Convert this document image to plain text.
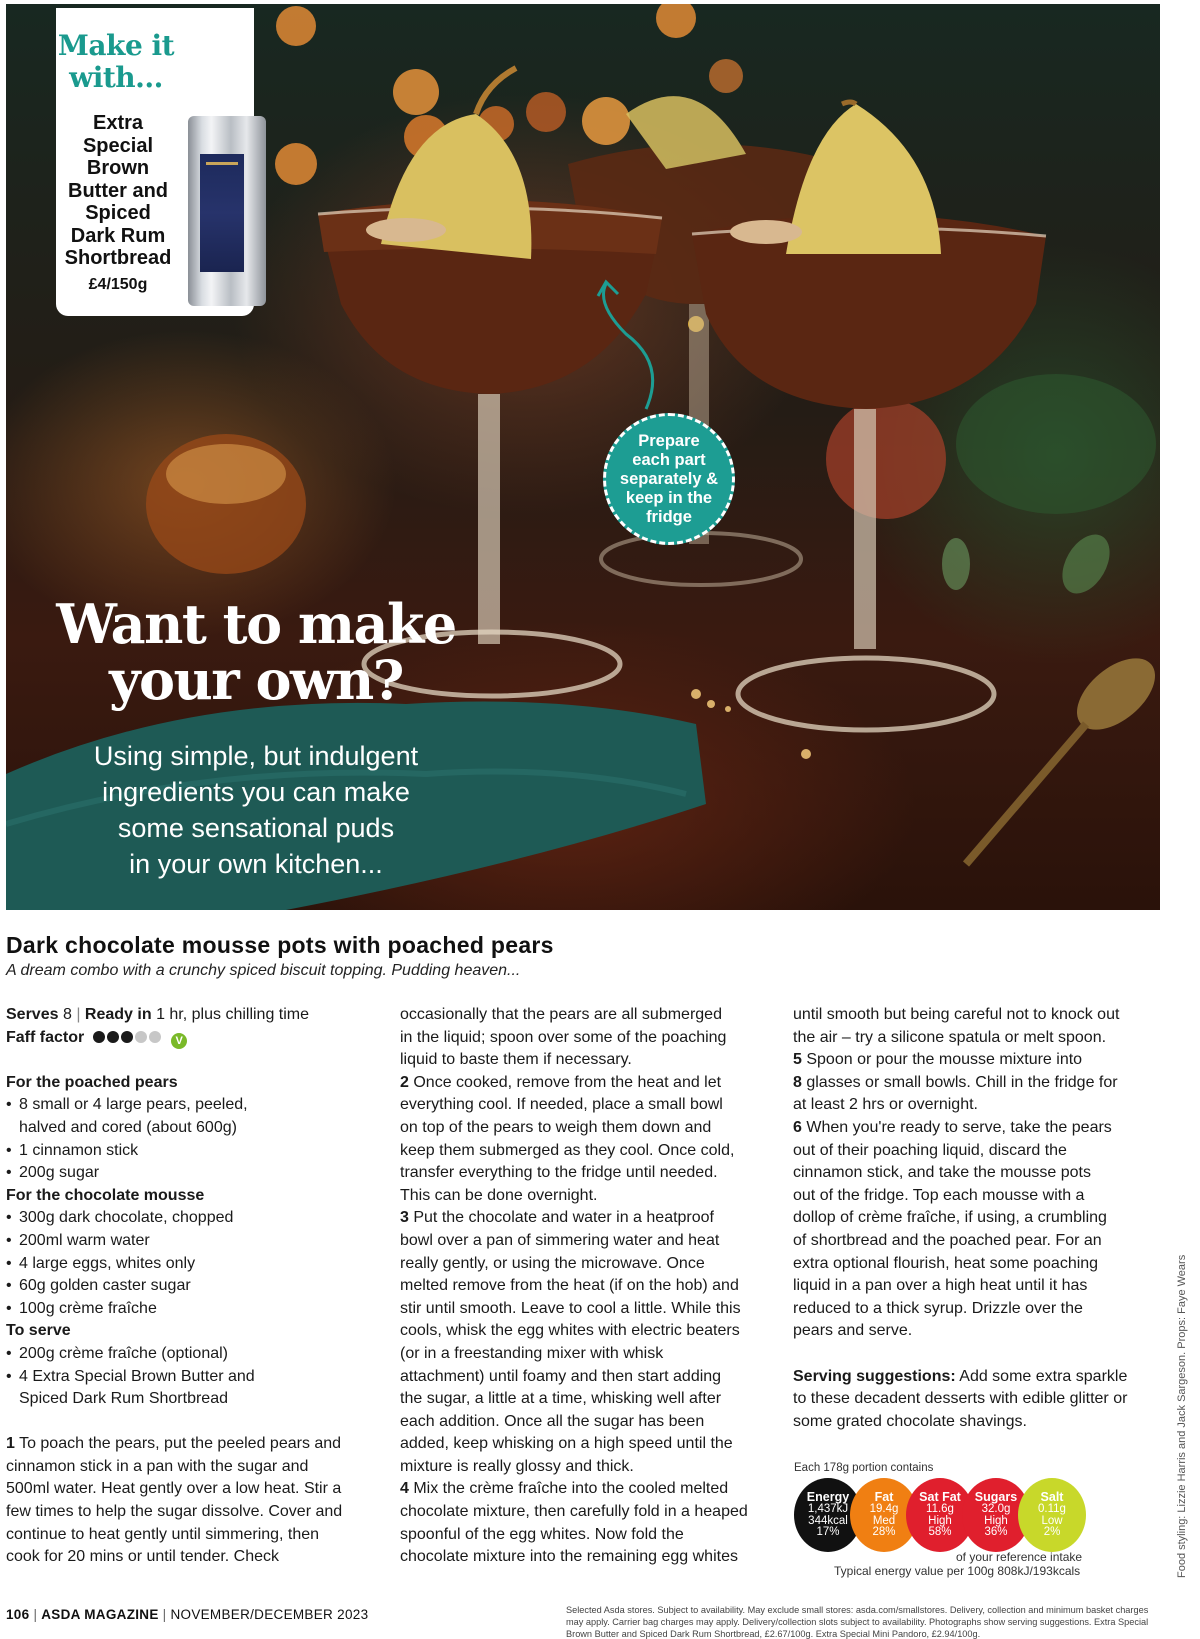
Make it
with...
Extra
Special
Brown
Butter and
Spiced
Dark Rum
Shortbread
£4/150g
Prepare
each part
separately &
keep in the
fridge
Want to make
your own?
Using simple, but indulgent
ingredients you can make
some sensational puds
in your own kitchen...
Dark chocolate mousse pots with poached pears
A dream combo with a crunchy spiced biscuit topping. Pudding heaven...

Serves 8 | Ready in 1 hr, plus chilling time

Faff factor	V

For the poached pears

• 8 small or 4 large pears, peeled,
halved and cored (about 600g)
• 1 cinnamon stick
• 200g sugar

For the chocolate mousse

• 300g dark chocolate, chopped
• 200ml warm water
• 4 large eggs, whites only
• 60g golden caster sugar
• 100g crème fraîche

To serve

• 200g crème fraîche (optional)
• 4 Extra Special Brown Butter and
Spiced Dark Rum Shortbread

1 To poach the pears, put the peeled pears and

cinnamon stick in a pan with the sugar and

500ml water. Heat gently over a low heat. Stir a

few times to help the sugar dissolve. Cover and

continue to heat gently until simmering, then

cook for 20 mins or until tender. Check

occasionally that the pears are all submerged

in the liquid; spoon over some of the poaching

liquid to baste them if necessary.

2 Once cooked, remove from the heat and let

everything cool. If needed, place a small bowl

on top of the pears to weigh them down and

keep them submerged as they cool. Once cold,

transfer everything to the fridge until needed.

This can be done overnight.

3 Put the chocolate and water in a heatproof

bowl over a pan of simmering water and heat

really gently, or using the microwave. Once

melted remove from the heat (if on the hob) and

stir until smooth. Leave to cool a little. While this

cools, whisk the egg whites with electric beaters

(or in a freestanding mixer with whisk

attachment) until foamy and then start adding

the sugar, a little at a time, whisking well after

each addition. Once all the sugar has been

added, keep whisking on a high speed until the

mixture is really glossy and thick.

4 Mix the crème fraîche into the cooled melted

chocolate mixture, then carefully fold in a heaped

spoonful of the egg whites. Now fold the

chocolate mixture into the remaining egg whites

until smooth but being careful not to knock out

the air – try a silicone spatula or melt spoon.

5 Spoon or pour the mousse mixture into

8 glasses or small bowls. Chill in the fridge for

at least 2 hrs or overnight.

6 When you're ready to serve, take the pears

out of their poaching liquid, discard the

cinnamon stick, and take the mousse pots

out of the fridge. Top each mousse with a

dollop of crème fraîche, if using, a crumbling

of shortbread and the poached pear. For an

extra optional flourish, heat some poaching

liquid in a pan over a high heat until it has

reduced to a thick syrup. Drizzle over the

pears and serve.

Serving suggestions: Add some extra sparkle

to these decadent desserts with edible glitter or

some grated chocolate shavings.

Each 178g portion contains
Energy
1,437kJ
344kcal
17%
Fat
19.4g
Med
28%
Sat Fat
11.6g
High
58%
Sugars
32.0g
High
36%
Salt
0.11g
Low
2%
of your reference intake
Typical energy value per 100g 808kJ/193kcals
106 | ASDA MAGAZINE | NOVEMBER/DECEMBER 2023	Selected Asda stores. Subject to availability. May exclude small stores: asda.com/smallstores. Delivery, collection and minimum basket charges may apply. Carrier bag charges may apply. Delivery/collection slots subject to availability. Photographs show serving suggestions. Extra Special Brown Butter and Spiced Dark Rum Shortbread, £2.67/100g. Extra Special Mini Pandoro, £2.94/100g.
Food styling: Lizzie Harris and Jack Sargeson. Props: Faye Wears
